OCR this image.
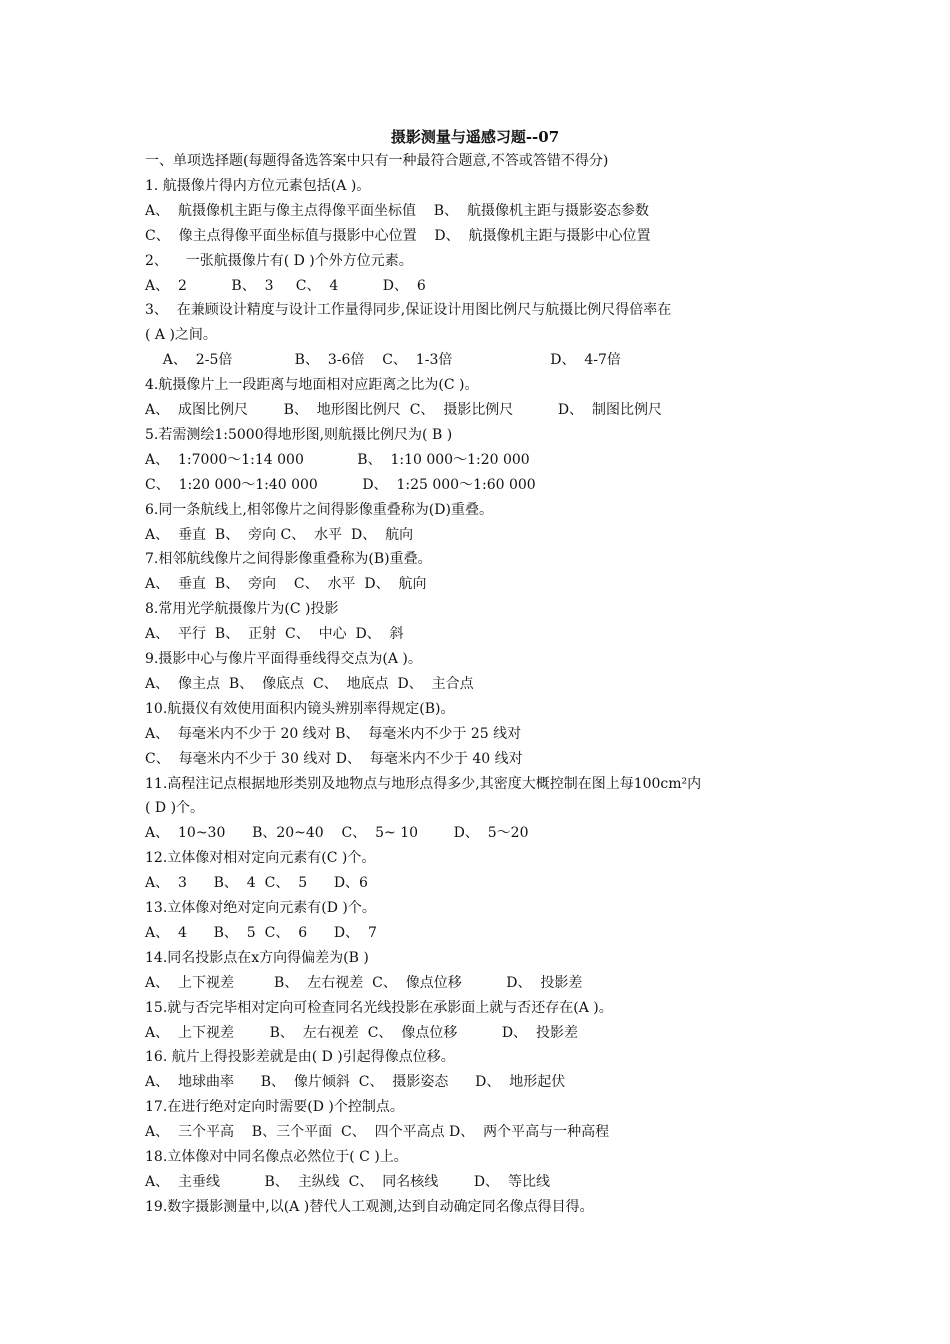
摄影测量与遥感习题--07
一、单项选择题(每题得备选答案中只有一种最符合题意,不答或答错不得分)
1. 航摄像片得内方位元素包括(A )。
A、  航摄像机主距与像主点得像平面坐标值    B、  航摄像机主距与摄影姿态参数
C、  像主点得像平面坐标值与摄影中心位置    D、  航摄像机主距与摄影中心位置
2、    一张航摄像片有( D )个外方位元素。
A、  2          B、  3     C、  4          D、  6
3、  在兼顾设计精度与设计工作量得同步,保证设计用图比例尺与航摄比例尺得倍率在
( A )之间。
A、  2-5倍              B、  3-6倍    C、  1-3倍                      D、  4-7倍
4.航摄像片上一段距离与地面相对应距离之比为(C )。
A、  成图比例尺        B、  地形图比例尺  C、  摄影比例尺          D、  制图比例尺
5.若需测绘1:5000得地形图,则航摄比例尺为( B )
A、  1:7000～1:14 000            B、  1:10 000～1:20 000
C、  1:20 000～1:40 000          D、  1:25 000～1:60 000
6.同一条航线上,相邻像片之间得影像重叠称为(D)重叠。
A、  垂直  B、  旁向 C、  水平  D、  航向
7.相邻航线像片之间得影像重叠称为(B)重叠。
A、  垂直  B、  旁向    C、  水平  D、  航向
8.常用光学航摄像片为(C )投影
A、  平行  B、  正射  C、  中心  D、  斜
9.摄影中心与像片平面得垂线得交点为(A )。
A、  像主点  B、  像底点  C、  地底点  D、  主合点
10.航摄仪有效使用面积内镜头辨别率得规定(B)。
A、  每毫米内不少于 20 线对 B、  每毫米内不少于 25 线对
C、  每毫米内不少于 30 线对 D、  每毫米内不少于 40 线对
11.高程注记点根据地形类别及地物点与地形点得多少,其密度大概控制在图上每100cm²内
( D )个。
A、  10~30      B、20~40    C、  5~ 10        D、  5～20
12.立体像对相对定向元素有(C )个。
A、  3      B、  4  C、  5      D、6
13.立体像对绝对定向元素有(D )个。
A、  4      B、  5  C、  6      D、  7
14.同名投影点在x方向得偏差为(B )
A、  上下视差         B、  左右视差  C、  像点位移          D、  投影差
15.就与否完毕相对定向可检查同名光线投影在承影面上就与否还存在(A )。
A、  上下视差        B、  左右视差  C、  像点位移          D、  投影差
16. 航片上得投影差就是由( D )引起得像点位移。
A、  地球曲率      B、  像片倾斜  C、  摄影姿态      D、  地形起伏
17.在进行绝对定向时需要(D )个控制点。
A、  三个平高    B、三个平面  C、  四个平高点 D、  两个平高与一种高程
18.立体像对中同名像点必然位于( C )上。
A、  主垂线          B、  主纵线  C、  同名核线        D、  等比线
19.数字摄影测量中,以(A )替代人工观测,达到自动确定同名像点得目得。
